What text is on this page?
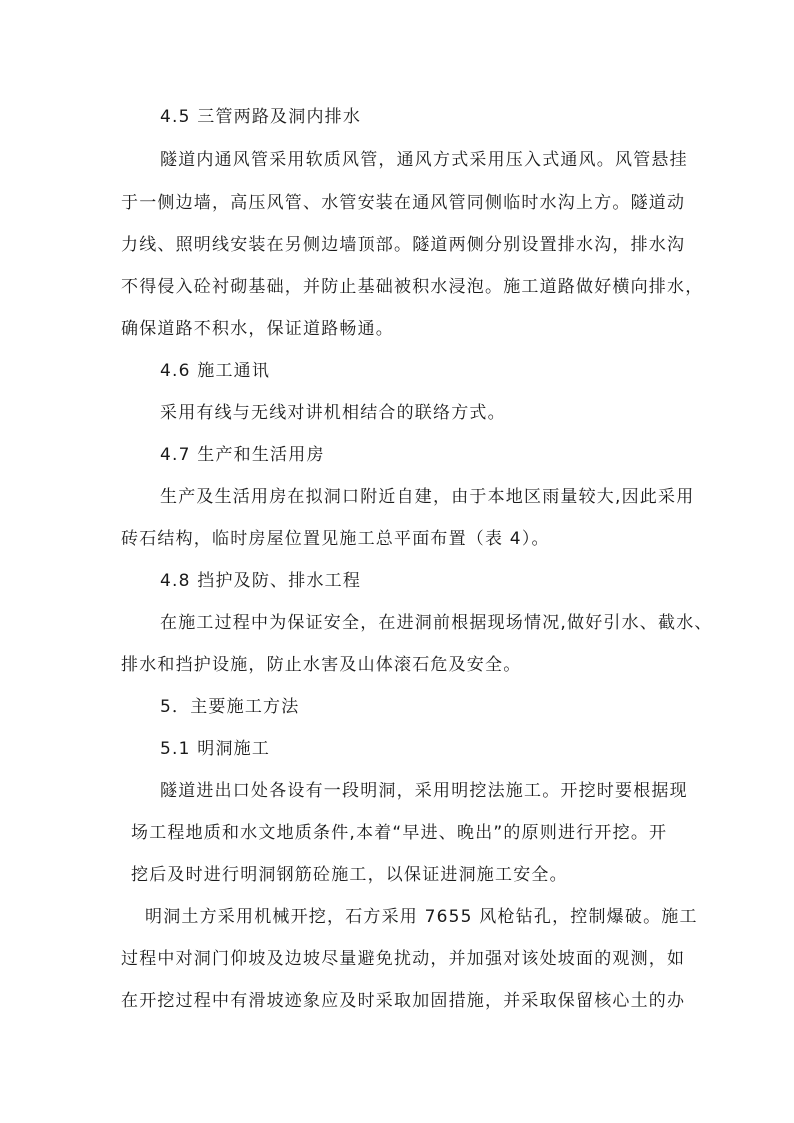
4.5 三管两路及洞内排水
隧道内通风管采用软质风管，通风方式采用压入式通风。风管悬挂
于一侧边墙，高压风管、水管安装在通风管同侧临时水沟上方。隧道动
力线、照明线安装在另侧边墙顶部。隧道两侧分别设置排水沟，排水沟
不得侵入砼衬砌基础，并防止基础被积水浸泡。施工道路做好横向排水，
确保道路不积水，保证道路畅通。
4.6 施工通讯
采用有线与无线对讲机相结合的联络方式。
4.7 生产和生活用房
生产及生活用房在拟洞口附近自建，由于本地区雨量较大,因此采用
砖石结构，临时房屋位置见施工总平面布置（表 4）。
4.8 挡护及防、排水工程
在施工过程中为保证安全，在进洞前根据现场情况,做好引水、截水、
排水和挡护设施，防止水害及山体滚石危及安全。
5．主要施工方法
5.1 明洞施工
隧道进出口处各设有一段明洞，采用明挖法施工。开挖时要根据现
场工程地质和水文地质条件,本着“早进、晚出”的原则进行开挖。开
挖后及时进行明洞钢筋砼施工，以保证进洞施工安全。
明洞土方采用机械开挖，石方采用 7655 风枪钻孔，控制爆破。施工
过程中对洞门仰坡及边坡尽量避免扰动，并加强对该处坡面的观测，如
在开挖过程中有滑坡迹象应及时采取加固措施，并采取保留核心土的办
